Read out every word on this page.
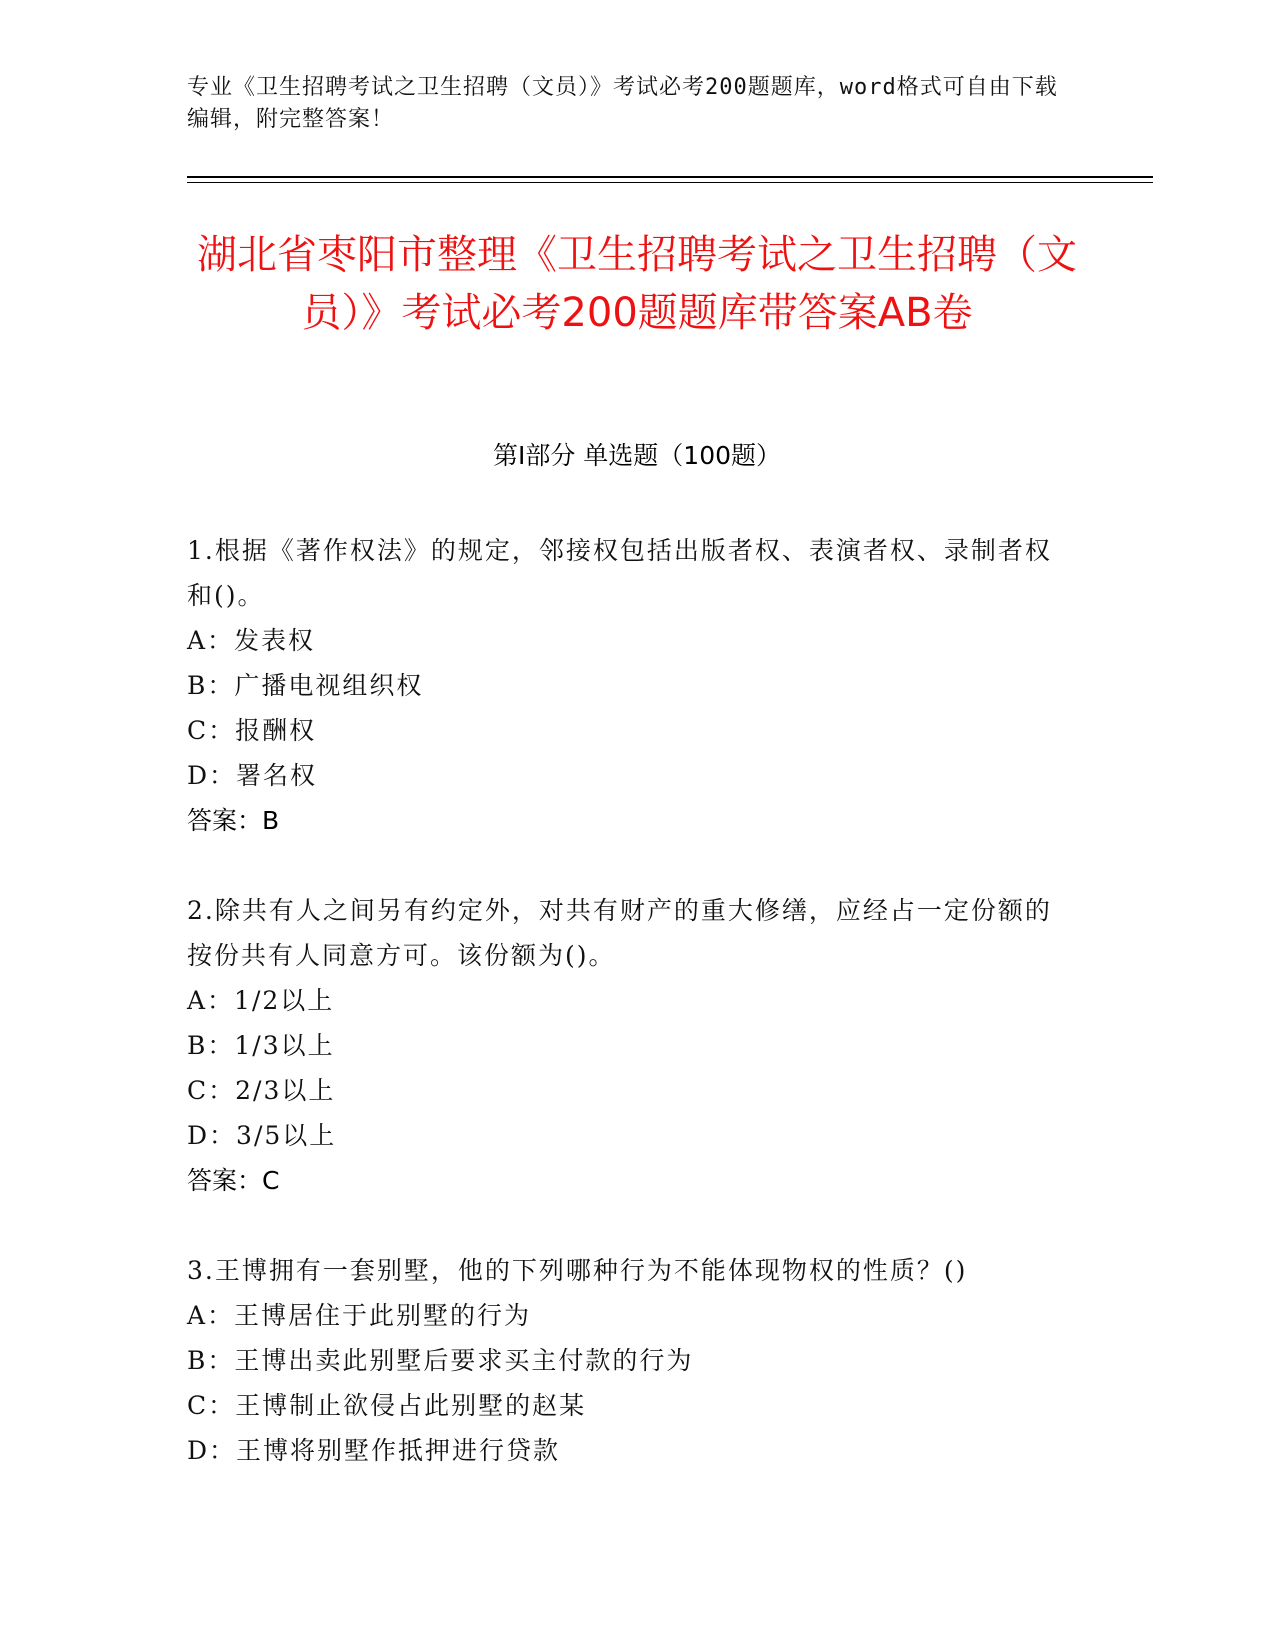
专业《卫生招聘考试之卫生招聘（文员）》考试必考200题题库，word格式可自由下载编辑，附完整答案！
湖北省枣阳市整理《卫生招聘考试之卫生招聘（文员）》考试必考200题题库带答案AB卷
第Ⅰ部分 单选题（100题）

1.根据《著作权法》的规定，邻接权包括出版者权、表演者权、录制者权和()。

A：发表权

B：广播电视组织权

C：报酬权

D：署名权

答案：B

2.除共有人之间另有约定外，对共有财产的重大修缮，应经占一定份额的按份共有人同意方可。该份额为()。

A：1/2以上

B：1/3以上

C：2/3以上

D：3/5以上

答案：C

3.王博拥有一套别墅，他的下列哪种行为不能体现物权的性质？()

A：王博居住于此别墅的行为

B：王博出卖此别墅后要求买主付款的行为

C：王博制止欲侵占此别墅的赵某

D：王博将别墅作抵押进行贷款
